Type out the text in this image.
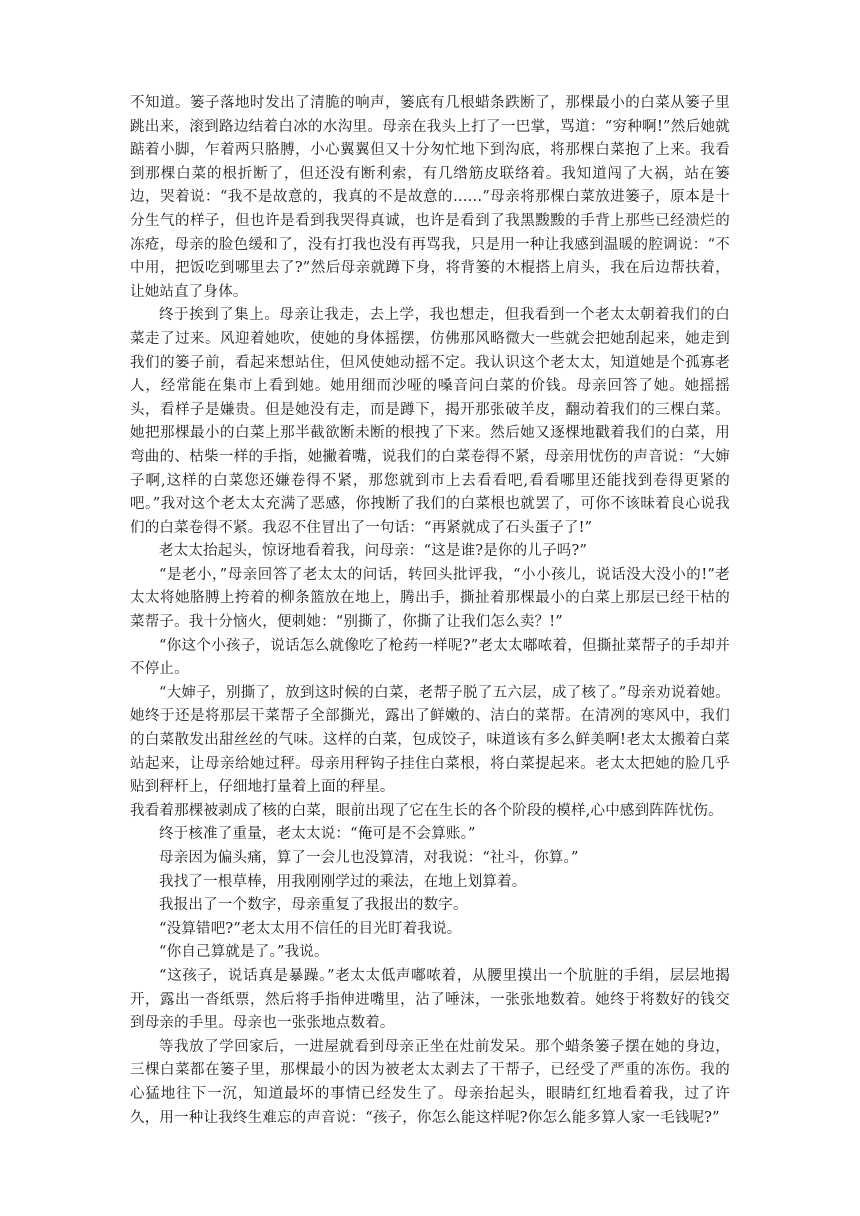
不知道。篓子落地时发出了清脆的响声，篓底有几根蜡条跌断了，那棵最小的白菜从篓子里跳出来，滚到路边结着白冰的水沟里。母亲在我头上打了一巴掌，骂道：“穷种啊!”然后她就踮着小脚，乍着两只胳膊，小心翼翼但又十分匆忙地下到沟底，将那棵白菜抱了上来。我看到那棵白菜的根折断了，但还没有断利索，有几绺筋皮联络着。我知道闯了大祸，站在篓边，哭着说：“我不是故意的，我真的不是故意的……”母亲将那棵白菜放进篓子，原本是十分生气的样子，但也许是看到我哭得真诚，也许是看到了我黑黢黢的手背上那些已经溃烂的冻疮，母亲的脸色缓和了，没有打我也没有再骂我，只是用一种让我感到温暖的腔调说：“不中用，把饭吃到哪里去了?”然后母亲就蹲下身，将背篓的木棍搭上肩头，我在后边帮扶着，让她站直了身体。

终于挨到了集上。母亲让我走，去上学，我也想走，但我看到一个老太太朝着我们的白菜走了过来。风迎着她吹，使她的身体摇摆，仿佛那风略微大一些就会把她刮起来，她走到我们的篓子前，看起来想站住，但风使她动摇不定。我认识这个老太太，知道她是个孤寡老人，经常能在集市上看到她。她用细而沙哑的嗓音问白菜的价钱。母亲回答了她。她摇摇头，看样子是嫌贵。但是她没有走，而是蹲下，揭开那张破羊皮，翻动着我们的三棵白菜。她把那棵最小的白菜上那半截欲断未断的根拽了下来。然后她又逐棵地戳着我们的白菜，用弯曲的、枯柴一样的手指，她撇着嘴，说我们的白菜卷得不紧，母亲用忧伤的声音说：“大婶子啊,这样的白菜您还嫌卷得不紧，那您就到市上去看看吧,看看哪里还能找到卷得更紧的吧。”我对这个老太太充满了恶感，你拽断了我们的白菜根也就罢了，可你不该昧着良心说我们的白菜卷得不紧。我忍不住冒出了一句话：“再紧就成了石头蛋子了!”

老太太抬起头，惊讶地看着我，问母亲：“这是谁?是你的儿子吗?”

“是老小，”母亲回答了老太太的问话，转回头批评我，“小小孩儿，说话没大没小的!”老太太将她胳膊上挎着的柳条篮放在地上，腾出手，撕扯着那棵最小的白菜上那层已经干枯的菜帮子。我十分恼火，便刺她：“别撕了，你撕了让我们怎么卖？!”

“你这个小孩子，说话怎么就像吃了枪药一样呢?”老太太嘟哝着，但撕扯菜帮子的手却并不停止。

“大婶子，别撕了，放到这时候的白菜，老帮子脱了五六层，成了核了。”母亲劝说着她。她终于还是将那层干菜帮子全部撕光，露出了鲜嫩的、洁白的菜帮。在清冽的寒风中，我们的白菜散发出甜丝丝的气味。这样的白菜，包成饺子，味道该有多么鲜美啊!老太太搬着白菜站起来，让母亲给她过秤。母亲用秤钩子挂住白菜根，将白菜提起来。老太太把她的脸几乎贴到秤杆上，仔细地打量着上面的秤星。

我看着那棵被剥成了核的白菜，眼前出现了它在生长的各个阶段的模样,心中感到阵阵忧伤。

终于核准了重量，老太太说：“俺可是不会算账。”

母亲因为偏头痛，算了一会儿也没算清，对我说：“社斗，你算。”

我找了一根草棒，用我刚刚学过的乘法，在地上划算着。

我报出了一个数字，母亲重复了我报出的数字。

“没算错吧?”老太太用不信任的目光盯着我说。

“你自己算就是了。”我说。

“这孩子，说话真是暴躁。”老太太低声嘟哝着，从腰里摸出一个肮脏的手绢，层层地揭开，露出一沓纸票，然后将手指伸进嘴里，沾了唾沫，一张张地数着。她终于将数好的钱交到母亲的手里。母亲也一张张地点数着。

等我放了学回家后，一进屋就看到母亲正坐在灶前发呆。那个蜡条篓子摆在她的身边，三棵白菜都在篓子里，那棵最小的因为被老太太剥去了干帮子，已经受了严重的冻伤。我的心猛地往下一沉，知道最坏的事情已经发生了。母亲抬起头，眼睛红红地看着我，过了许久，用一种让我终生难忘的声音说：“孩子，你怎么能这样呢?你怎么能多算人家一毛钱呢?”
